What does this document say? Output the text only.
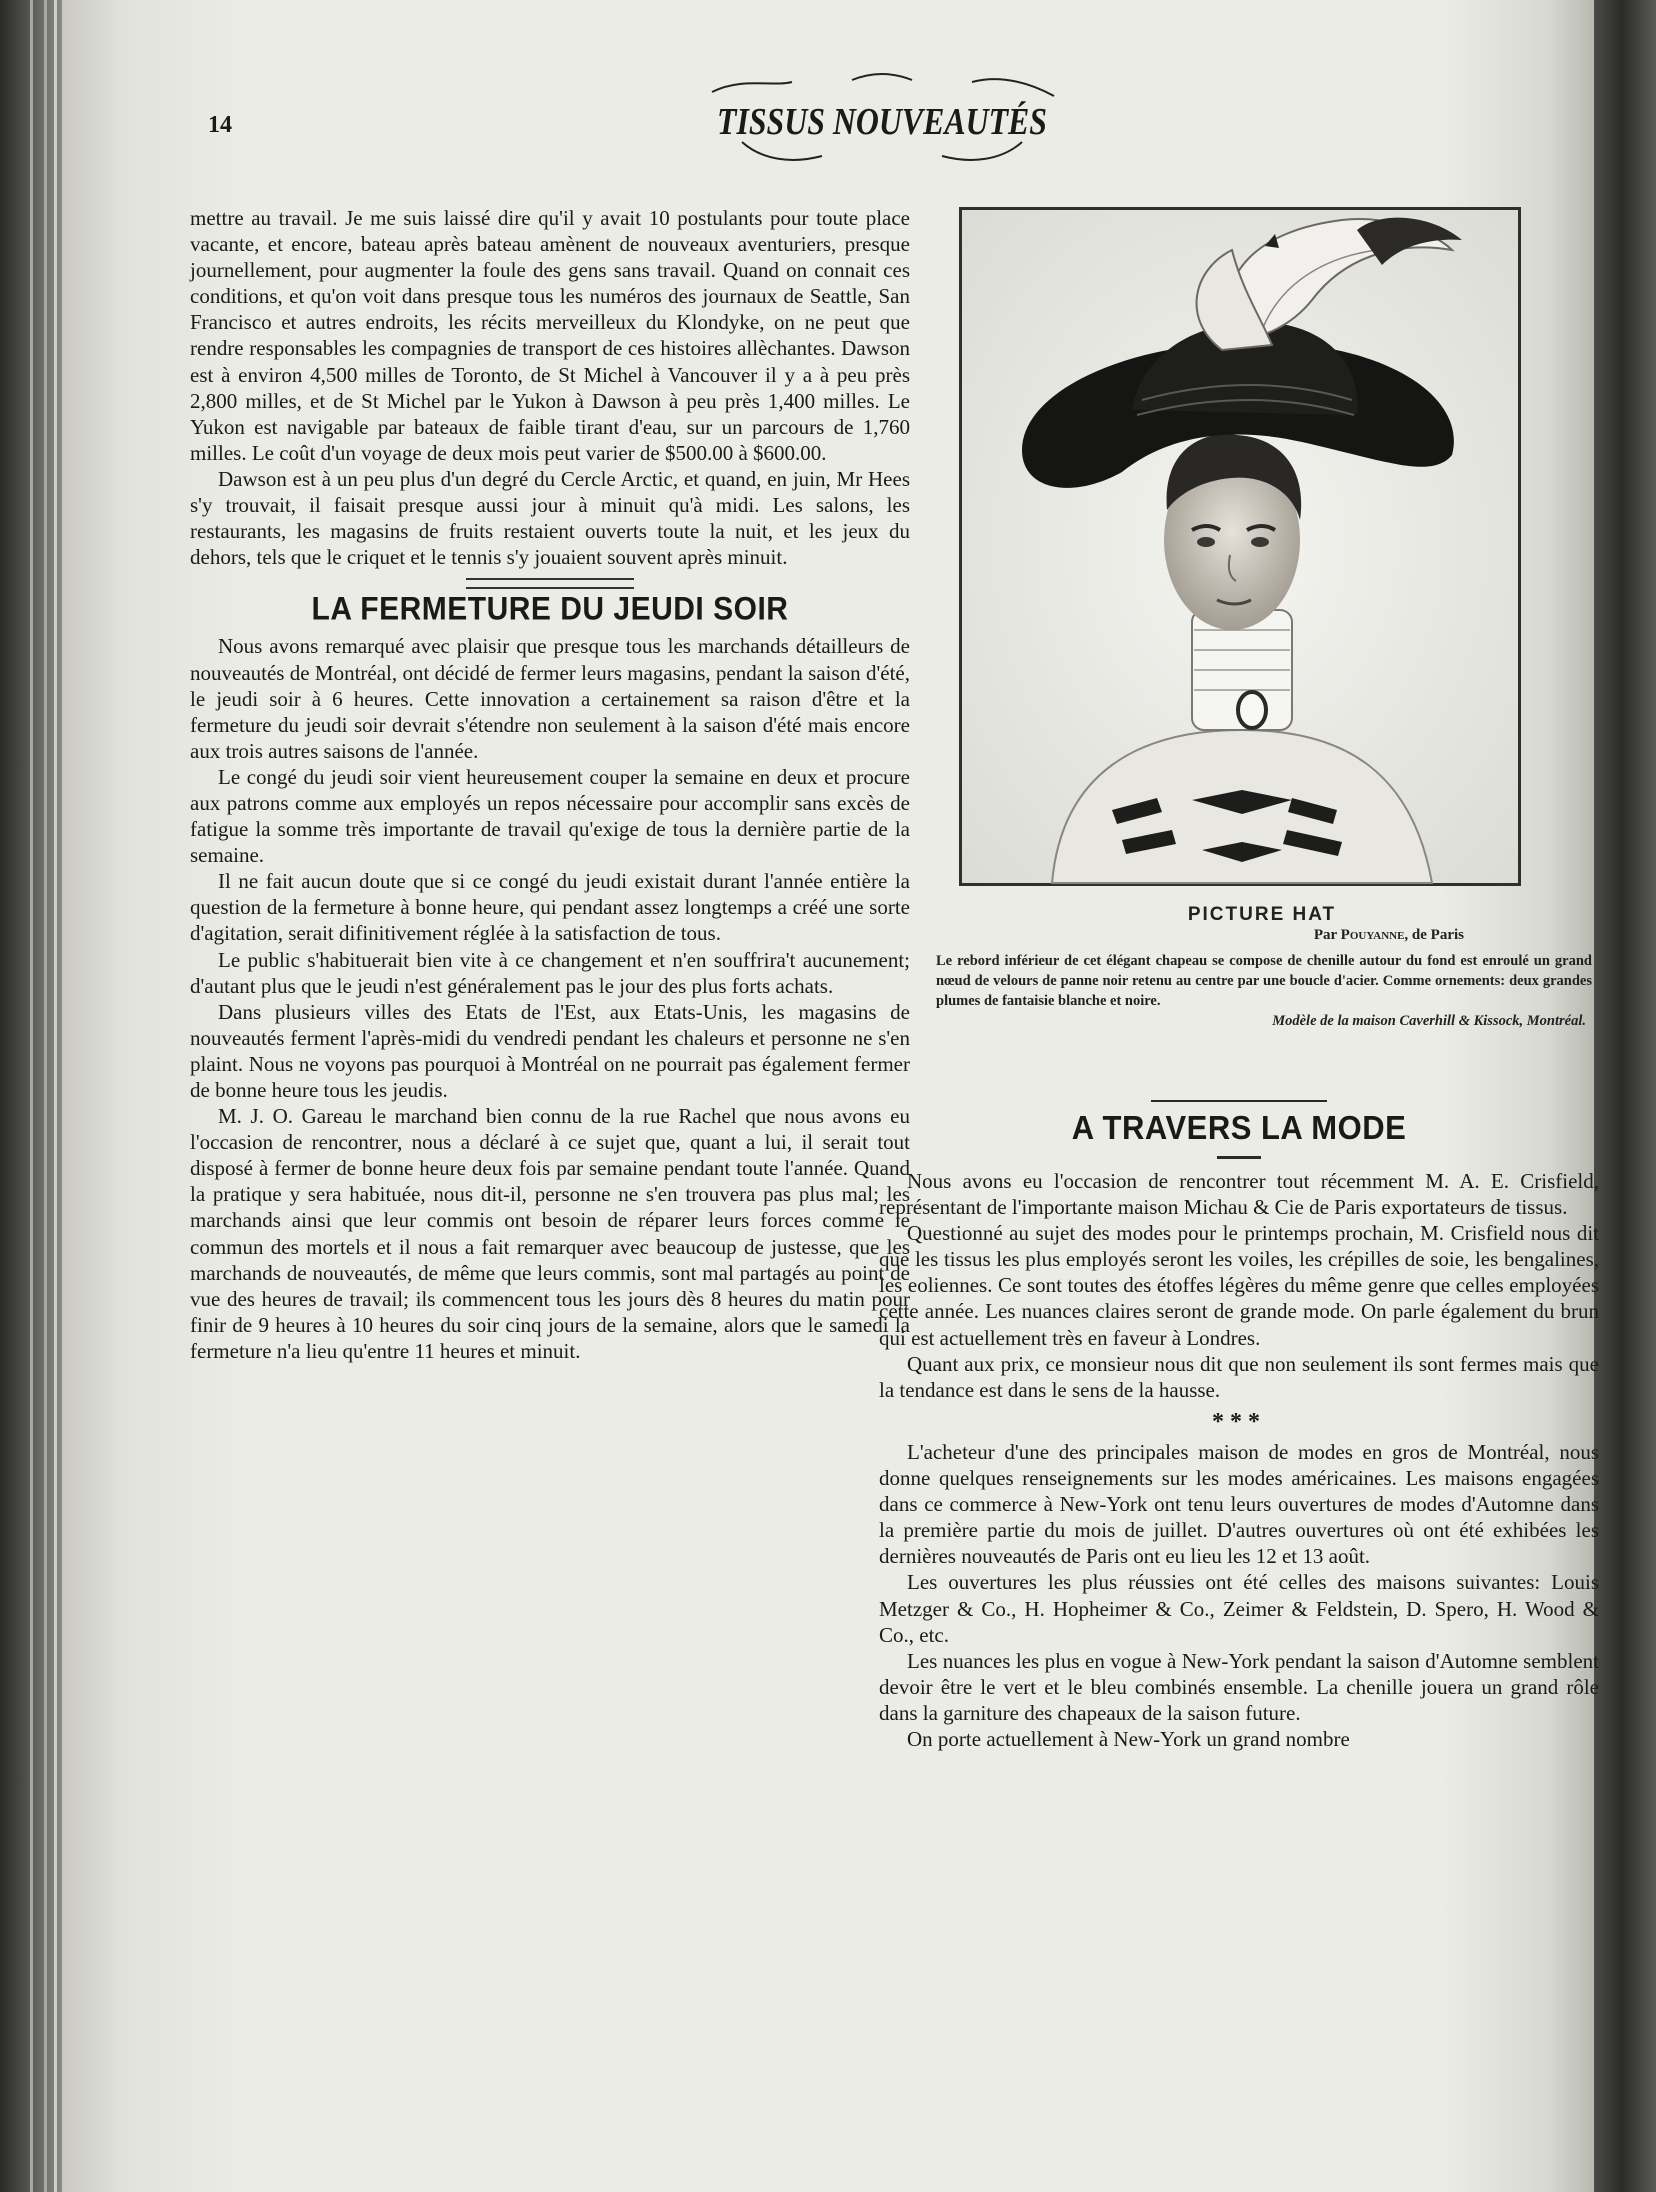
14	TISSUS NOUVEAUTÉS

mettre au travail. Je me suis laissé dire qu'il y avait 10 postulants pour toute place vacante, et encore, bateau après bateau amènent de nouveaux aventuriers, presque journellement, pour augmenter la foule des gens sans travail. Quand on connait ces conditions, et qu'on voit dans presque tous les numéros des journaux de Seattle, San Francisco et autres endroits, les récits merveilleux du Klondyke, on ne peut que rendre responsables les compagnies de transport de ces histoires allèchantes. Dawson est à environ 4,500 milles de Toronto, de St Michel à Vancouver il y a à peu près 2,800 milles, et de St Michel par le Yukon à Dawson à peu près 1,400 milles. Le Yukon est navigable par bateaux de faible tirant d'eau, sur un parcours de 1,760 milles. Le coût d'un voyage de deux mois peut varier de $500.00 à $600.00.

Dawson est à un peu plus d'un degré du Cercle Arctic, et quand, en juin, Mr Hees s'y trouvait, il faisait presque aussi jour à minuit qu'à midi. Les salons, les restaurants, les magasins de fruits restaient ouverts toute la nuit, et les jeux du dehors, tels que le criquet et le tennis s'y jouaient souvent après minuit.

LA FERMETURE DU JEUDI SOIR

Nous avons remarqué avec plaisir que presque tous les marchands détailleurs de nouveautés de Montréal, ont décidé de fermer leurs magasins, pendant la saison d'été, le jeudi soir à 6 heures. Cette innovation a certainement sa raison d'être et la fermeture du jeudi soir devrait s'étendre non seulement à la saison d'été mais encore aux trois autres saisons de l'année.

Le congé du jeudi soir vient heureusement couper la semaine en deux et procure aux patrons comme aux employés un repos nécessaire pour accomplir sans excès de fatigue la somme très importante de travail qu'exige de tous la dernière partie de la semaine.

Il ne fait aucun doute que si ce congé du jeudi existait durant l'année entière la question de la fermeture à bonne heure, qui pendant assez longtemps a créé une sorte d'agitation, serait difinitivement réglée à la satisfaction de tous.

Le public s'habituerait bien vite à ce changement et n'en souffrira't aucunement; d'autant plus que le jeudi n'est généralement pas le jour des plus forts achats.

Dans plusieurs villes des Etats de l'Est, aux Etats-Unis, les magasins de nouveautés ferment l'après-midi du vendredi pendant les chaleurs et personne ne s'en plaint. Nous ne voyons pas pourquoi à Montréal on ne pourrait pas également fermer de bonne heure tous les jeudis.

M. J. O. Gareau le marchand bien connu de la rue Rachel que nous avons eu l'occasion de rencontrer, nous a déclaré à ce sujet que, quant a lui, il serait tout disposé à fermer de bonne heure deux fois par semaine pendant toute l'année. Quand la pratique y sera habituée, nous dit-il, personne ne s'en trouvera pas plus mal; les marchands ainsi que leur commis ont besoin de réparer leurs forces comme le commun des mortels et il nous a fait remarquer avec beaucoup de justesse, que les marchands de nouveautés, de même que leurs commis, sont mal partagés au point de vue des heures de travail; ils commencent tous les jours dès 8 heures du matin pour finir de 9 heures à 10 heures du soir cinq jours de la semaine, alors que le samedi la fermeture n'a lieu qu'entre 11 heures et minuit.

PICTURE HAT
Par Pouyanne, de Paris
Le rebord inférieur de cet élégant chapeau se compose de chenille autour du fond est enroulé un grand nœud de velours de panne noir retenu au centre par une boucle d'acier. Comme ornements: deux grandes plumes de fantaisie blanche et noire.
Modèle de la maison Caverhill & Kissock, Montréal.
A TRAVERS LA MODE

Nous avons eu l'occasion de rencontrer tout récemment M. A. E. Crisfield, représentant de l'importante maison Michau & Cie de Paris exportateurs de tissus.

Questionné au sujet des modes pour le printemps prochain, M. Crisfield nous dit que les tissus les plus employés seront les voiles, les crépilles de soie, les bengalines, les eoliennes. Ce sont toutes des étoffes légères du même genre que celles employées cette année. Les nuances claires seront de grande mode. On parle également du brun qui est actuellement très en faveur à Londres.

Quant aux prix, ce monsieur nous dit que non seulement ils sont fermes mais que la tendance est dans le sens de la hausse.

***

L'acheteur d'une des principales maison de modes en gros de Montréal, nous donne quelques renseignements sur les modes américaines. Les maisons engagées dans ce commerce à New-York ont tenu leurs ouvertures de modes d'Automne dans la première partie du mois de juillet. D'autres ouvertures où ont été exhibées les dernières nouveautés de Paris ont eu lieu les 12 et 13 août.

Les ouvertures les plus réussies ont été celles des maisons suivantes: Louis Metzger & Co., H. Hopheimer & Co., Zeimer & Feldstein, D. Spero, H. Wood & Co., etc.

Les nuances les plus en vogue à New-York pendant la saison d'Automne semblent devoir être le vert et le bleu combinés ensemble. La chenille jouera un grand rôle dans la garniture des chapeaux de la saison future.

On porte actuellement à New-York un grand nombre
